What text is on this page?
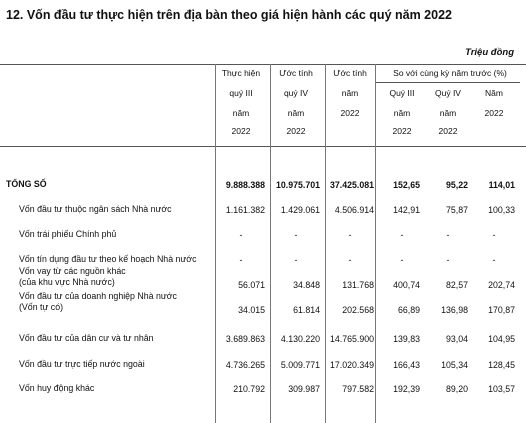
12. Vốn đầu tư thực hiện trên địa bàn theo giá hiện hành các quý năm 2022
Triệu đồng
Thực hiện
quý III
năm
2022
Ước tính
quý IV
năm
2022
Ước tính
năm
2022
So với cùng kỳ năm trước (%)
Quý III
năm
2022
Quý IV
năm
2022
Năm
2022
TỔNG SỐ	9.888.388	10.975.701	37.425.081	152,65	95,22	114,01
Vốn đầu tư thuộc ngân sách Nhà nước	1.161.382	1.429.061	4.506.914	142,91	75,87	100,33
Vốn trái phiếu Chính phủ	-	-	-	-	-	-
Vốn tín dụng đầu tư theo kế hoạch Nhà nước	-	-	-	-	-	-
Vốn vay từ các nguồn khác
(của khu vực Nhà nước)	56.071	34.848	131.768	400,74	82,57	202,74
Vốn đầu tư của doanh nghiệp Nhà nước
(Vốn tự có)	34.015	61.814	202.568	66,89	136,98	170,87
Vốn đầu tư của dân cư và tư nhân	3.689.863	4.130.220	14.765.900	139,83	93,04	104,95
Vốn đầu tư trực tiếp nước ngoài	4.736.265	5.009.771	17.020.349	166,43	105,34	128,45
Vốn huy động khác	210.792	309.987	797.582	192,39	89,20	103,57
